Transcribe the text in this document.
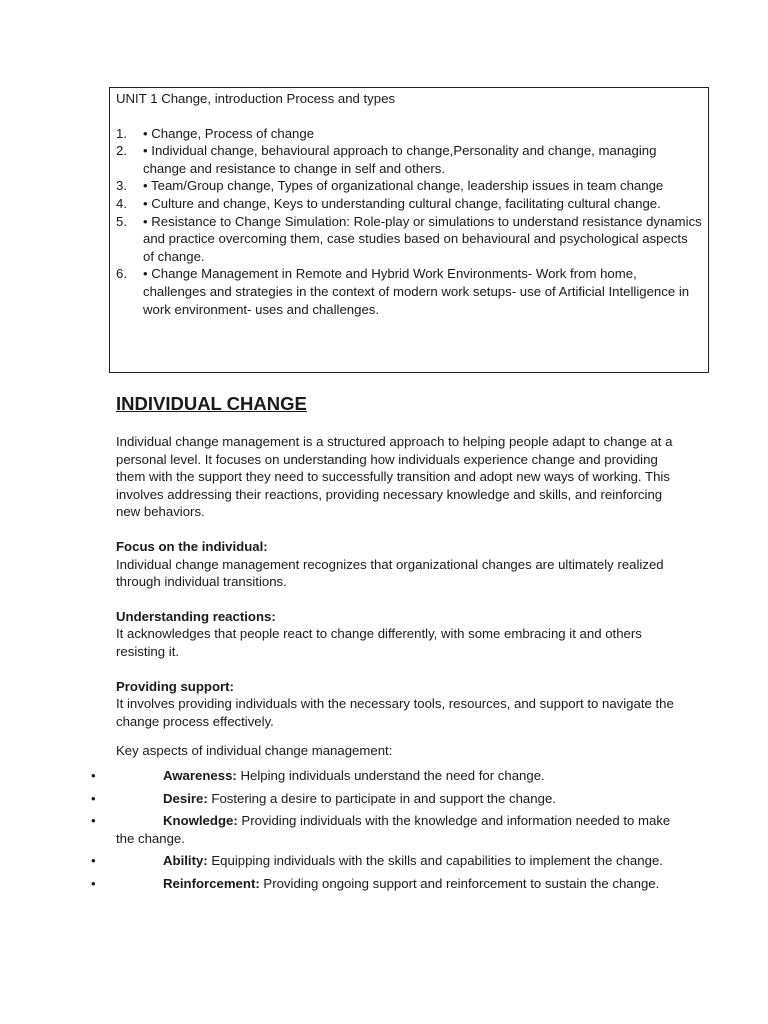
UNIT 1 Change, introduction Process and types

1. • Change, Process of change
2. • Individual change, behavioural approach to change,Personality and change, managing change and resistance to change in self and others.
3. • Team/Group change, Types of organizational change, leadership issues in team change
4. • Culture and change, Keys to understanding cultural change, facilitating cultural change.
5. • Resistance to Change Simulation: Role-play or simulations to understand resistance dynamics and practice overcoming them, case studies based on behavioural and psychological aspects of change.
6. • Change Management in Remote and Hybrid Work Environments- Work from home, challenges and strategies in the context of modern work setups- use of Artificial Intelligence in work environment- uses and challenges.
INDIVIDUAL CHANGE

Individual change management is a structured approach to helping people adapt to change at a personal level. It focuses on understanding how individuals experience change and providing them with the support they need to successfully transition and adopt new ways of working. This involves addressing their reactions, providing necessary knowledge and skills, and reinforcing new behaviors.

Focus on the individual:

Individual change management recognizes that organizational changes are ultimately realized through individual transitions.

Understanding reactions:

It acknowledges that people react to change differently, with some embracing it and others resisting it.

Providing support:

It involves providing individuals with the necessary tools, resources, and support to navigate the change process effectively.

Key aspects of individual change management:

•	Awareness: Helping individuals understand the need for change.
•	Desire: Fostering a desire to participate in and support the change.
•	Knowledge: Providing individuals with the knowledge and information needed to make the change.
•	Ability: Equipping individuals with the skills and capabilities to implement the change.
•	Reinforcement: Providing ongoing support and reinforcement to sustain the change.
